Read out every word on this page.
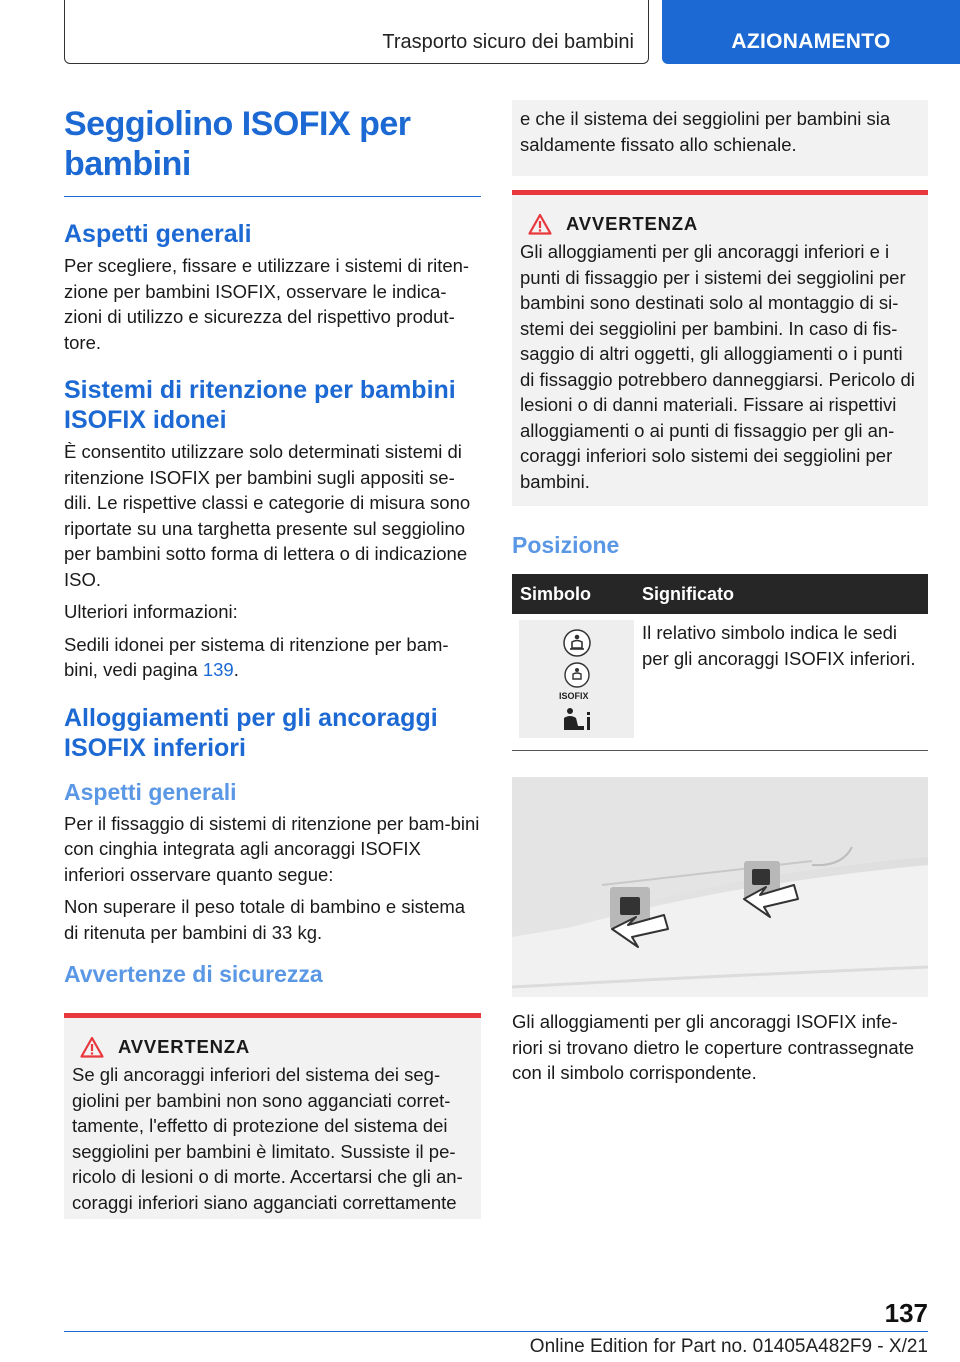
Trasporto sicuro dei bambini	AZIONAMENTO
Seggiolino ISOFIX per bambini
Aspetti generali

Per scegliere, fissare e utilizzare i sistemi di riten-zione per bambini ISOFIX, osservare le indica-zioni di utilizzo e sicurezza del rispettivo produt-tore.

Sistemi di ritenzione per bambini ISOFIX idonei

È consentito utilizzare solo determinati sistemi di ritenzione ISOFIX per bambini sugli appositi se-dili. Le rispettive classi e categorie di misura sono riportate su una targhetta presente sul seggiolino per bambini sotto forma di lettera o di indicazione ISO.

Ulteriori informazioni:

Sedili idonei per sistema di ritenzione per bam-bini, vedi pagina 139.

Alloggiamenti per gli ancoraggi ISOFIX inferiori
Aspetti generali

Per il fissaggio di sistemi di ritenzione per bam-bini con cinghia integrata agli ancoraggi ISOFIX inferiori osservare quanto segue:

Non superare il peso totale di bambino e sistema di ritenuta per bambini di 33 kg.

Avvertenze di sicurezza
AVVERTENZA

Se gli ancoraggi inferiori del sistema dei seg-giolini per bambini non sono agganciati corret-tamente, l'effetto di protezione del sistema dei seggiolini per bambini è limitato. Sussiste il pe-ricolo di lesioni o di morte. Accertarsi che gli an-coraggi inferiori siano agganciati correttamente

e che il sistema dei seggiolini per bambini sia saldamente fissato allo schienale.

AVVERTENZA

Gli alloggiamenti per gli ancoraggi inferiori e i punti di fissaggio per i sistemi dei seggiolini per bambini sono destinati solo al montaggio di si-stemi dei seggiolini per bambini. In caso di fis-saggio di altri oggetti, gli alloggiamenti o i punti di fissaggio potrebbero danneggiarsi. Pericolo di lesioni o di danni materiali. Fissare ai rispettivi alloggiamenti o ai punti di fissaggio per gli an-coraggi inferiori solo sistemi dei seggiolini per bambini.

Posizione
Simbolo	Significato

ISOFIX	Il relativo simbolo indica le sedi per gli ancoraggi ISOFIX inferiori.

Gli alloggiamenti per gli ancoraggi ISOFIX infe-riori si trovano dietro le coperture contrassegnate con il simbolo corrispondente.

137
Online Edition for Part no. 01405A482F9 - X/21
